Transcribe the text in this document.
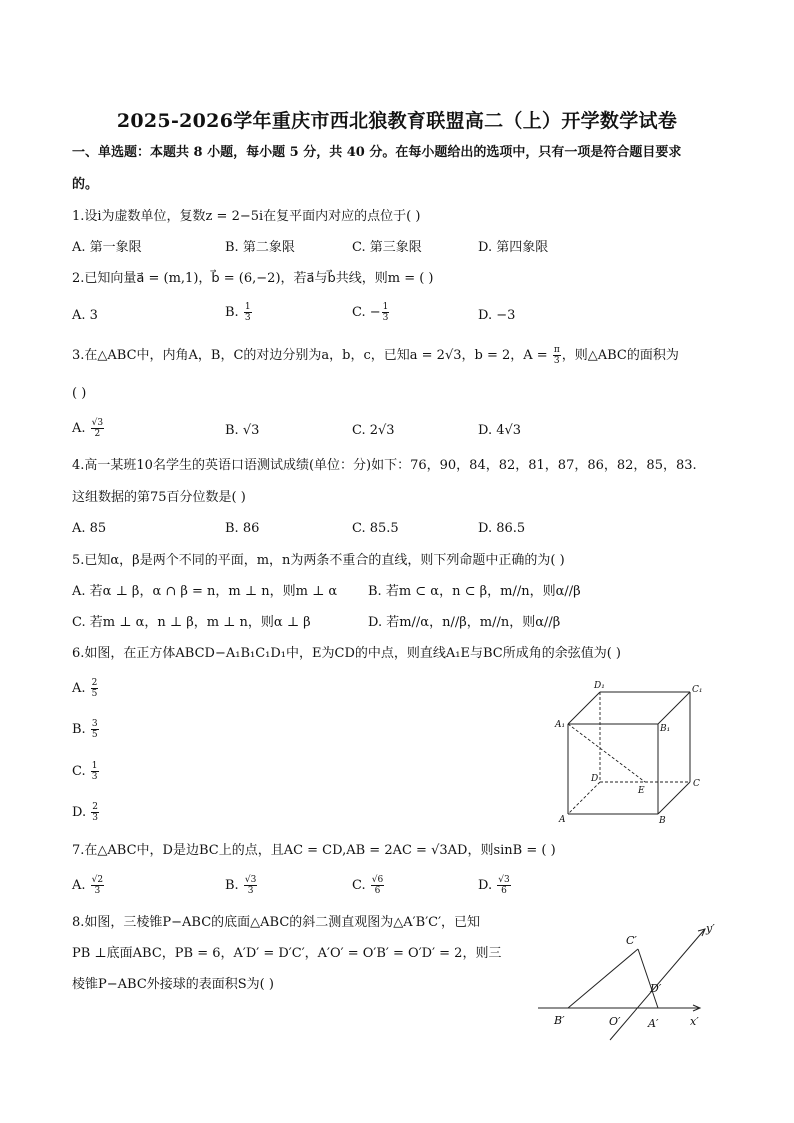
2025-2026学年重庆市西北狼教育联盟高二（上）开学数学试卷
一、单选题：本题共 8 小题，每小题 5 分，共 40 分。在每小题给出的选项中，只有一项是符合题目要求
的。
1.设i为虚数单位，复数z = 2−5i在复平面内对应的点位于( )
A. 第一象限	B. 第二象限	C. 第三象限	D. 第四象限
2.已知向量a⃗ = (m,1)，b⃗ = (6,−2)，若a⃗与b⃗共线，则m = ( )
A. 3	B. $\frac{1}{3}$	C. − $\frac{1}{3}$	D. −3
3.在△ABC中，内角A，B，C的对边分别为a，b，c，已知a = 2√3，b = 2，$A = \frac{\pi}{3}$ ，则△ABC的面积为
( )
A. $\frac{√3}{2}$	B. √3	C. 2√3	D. 4√3
4.高一某班10名学生的英语口语测试成绩(单位：分)如下：76，90，84，82，81，87，86，82，85，83.
这组数据的第75百分位数是( )
A. 85	B. 86	C. 85.5	D. 86.5
5.已知α，β是两个不同的平面，m，n为两条不重合的直线，则下列命题中正确的为( )
A. 若α ⊥ β，α ∩ β = n，m ⊥ n，则m ⊥ α B. 若m ⊂ α，n ⊂ β，m//n，则α//β
C. 若m ⊥ α，n ⊥ β，m ⊥ n，则α ⊥ β	D. 若m//α，n//β，m//n，则α//β
6.如图，在正方体ABCD−A₁B₁C₁D₁中，E为CD的中点，则直线A₁E与BC所成角的余弦值为( )
A. $\frac{2}{5}$
B. $\frac{3}{5}$
C. $\frac{1}{3}$
D. $\frac{2}{3}$
D₁	C₁
A₁	B₁
D	C
E
A	B
7.在△ABC中，D是边BC上的点，且AC = CD,AB = 2AC = √3AD，则sinB = ( )
A. $\frac{√2}{3}$	B. $\frac{√3}{3}$	C. $\frac{√6}{6}$	D. $\frac{√3}{6}$
8.如图，三棱锥P−ABC的底面△ABC的斜二测直观图为△A′B′C′，已知
PB ⊥底面ABC，PB = 6，A′D′ = D′C′，A′O′ = O′B′ = O′D′ = 2，则三
棱锥P−ABC外接球的表面积S为( )
C′
y′
D′
B′	O′ A′	x′
